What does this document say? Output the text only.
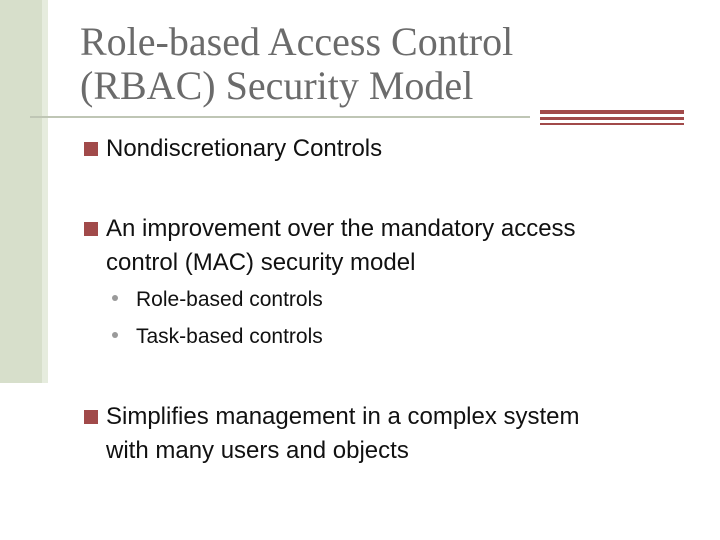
Role-based Access Control
(RBAC) Security Model
Nondiscretionary Controls
An improvement over the mandatory access
control (MAC) security model
Role-based controls
Task-based controls
Simplifies management in a complex system
with many users and objects
